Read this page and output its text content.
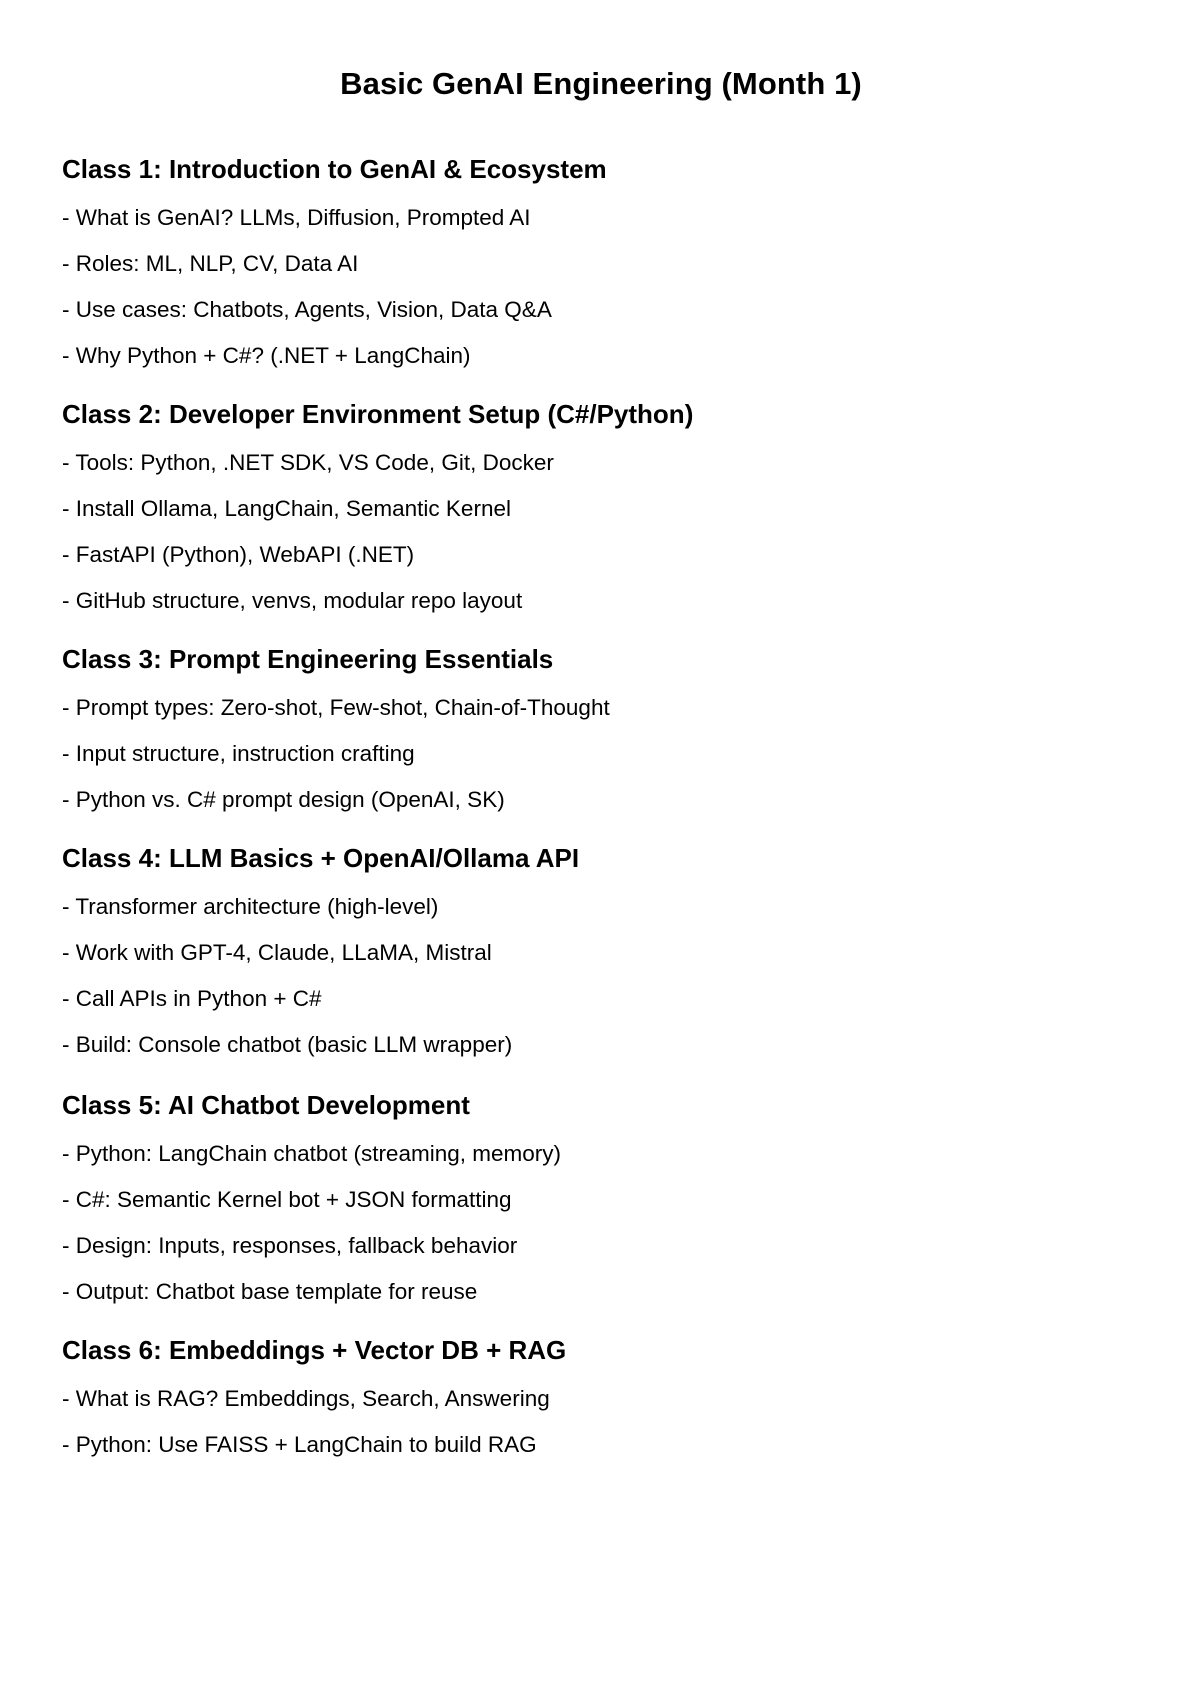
Basic GenAI Engineering (Month 1)
Class 1: Introduction to GenAI & Ecosystem
- What is GenAI? LLMs, Diffusion, Prompted AI
- Roles: ML, NLP, CV, Data AI
- Use cases: Chatbots, Agents, Vision, Data Q&A
- Why Python + C#? (.NET + LangChain)
Class 2: Developer Environment Setup (C#/Python)
- Tools: Python, .NET SDK, VS Code, Git, Docker
- Install Ollama, LangChain, Semantic Kernel
- FastAPI (Python), WebAPI (.NET)
- GitHub structure, venvs, modular repo layout
Class 3: Prompt Engineering Essentials
- Prompt types: Zero-shot, Few-shot, Chain-of-Thought
- Input structure, instruction crafting
- Python vs. C# prompt design (OpenAI, SK)
Class 4: LLM Basics + OpenAI/Ollama API
- Transformer architecture (high-level)
- Work with GPT-4, Claude, LLaMA, Mistral
- Call APIs in Python + C#
- Build: Console chatbot (basic LLM wrapper)
Class 5: AI Chatbot Development
- Python: LangChain chatbot (streaming, memory)
- C#: Semantic Kernel bot + JSON formatting
- Design: Inputs, responses, fallback behavior
- Output: Chatbot base template for reuse
Class 6: Embeddings + Vector DB + RAG
- What is RAG? Embeddings, Search, Answering
- Python: Use FAISS + LangChain to build RAG
